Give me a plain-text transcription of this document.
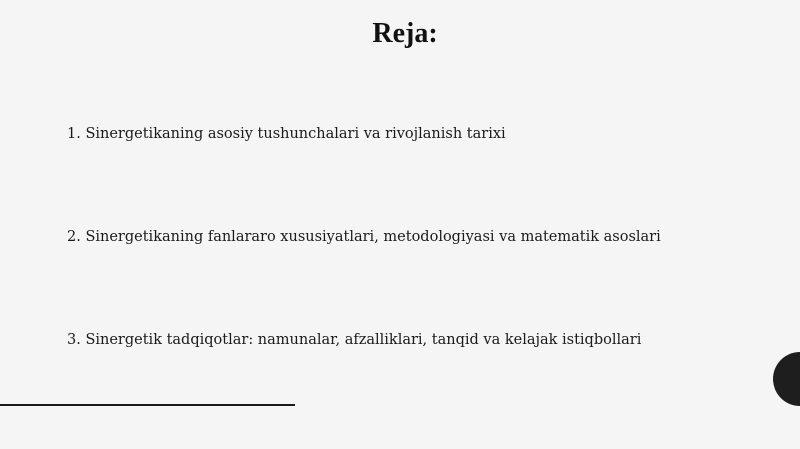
Reja:
1. Sinergetikaning asosiy tushunchalari va rivojlanish tarixi
2. Sinergetikaning fanlararo xususiyatlari, metodologiyasi va matematik asoslari
3. Sinergetik tadqiqotlar: namunalar, afzalliklari, tanqid va kelajak istiqbollari
